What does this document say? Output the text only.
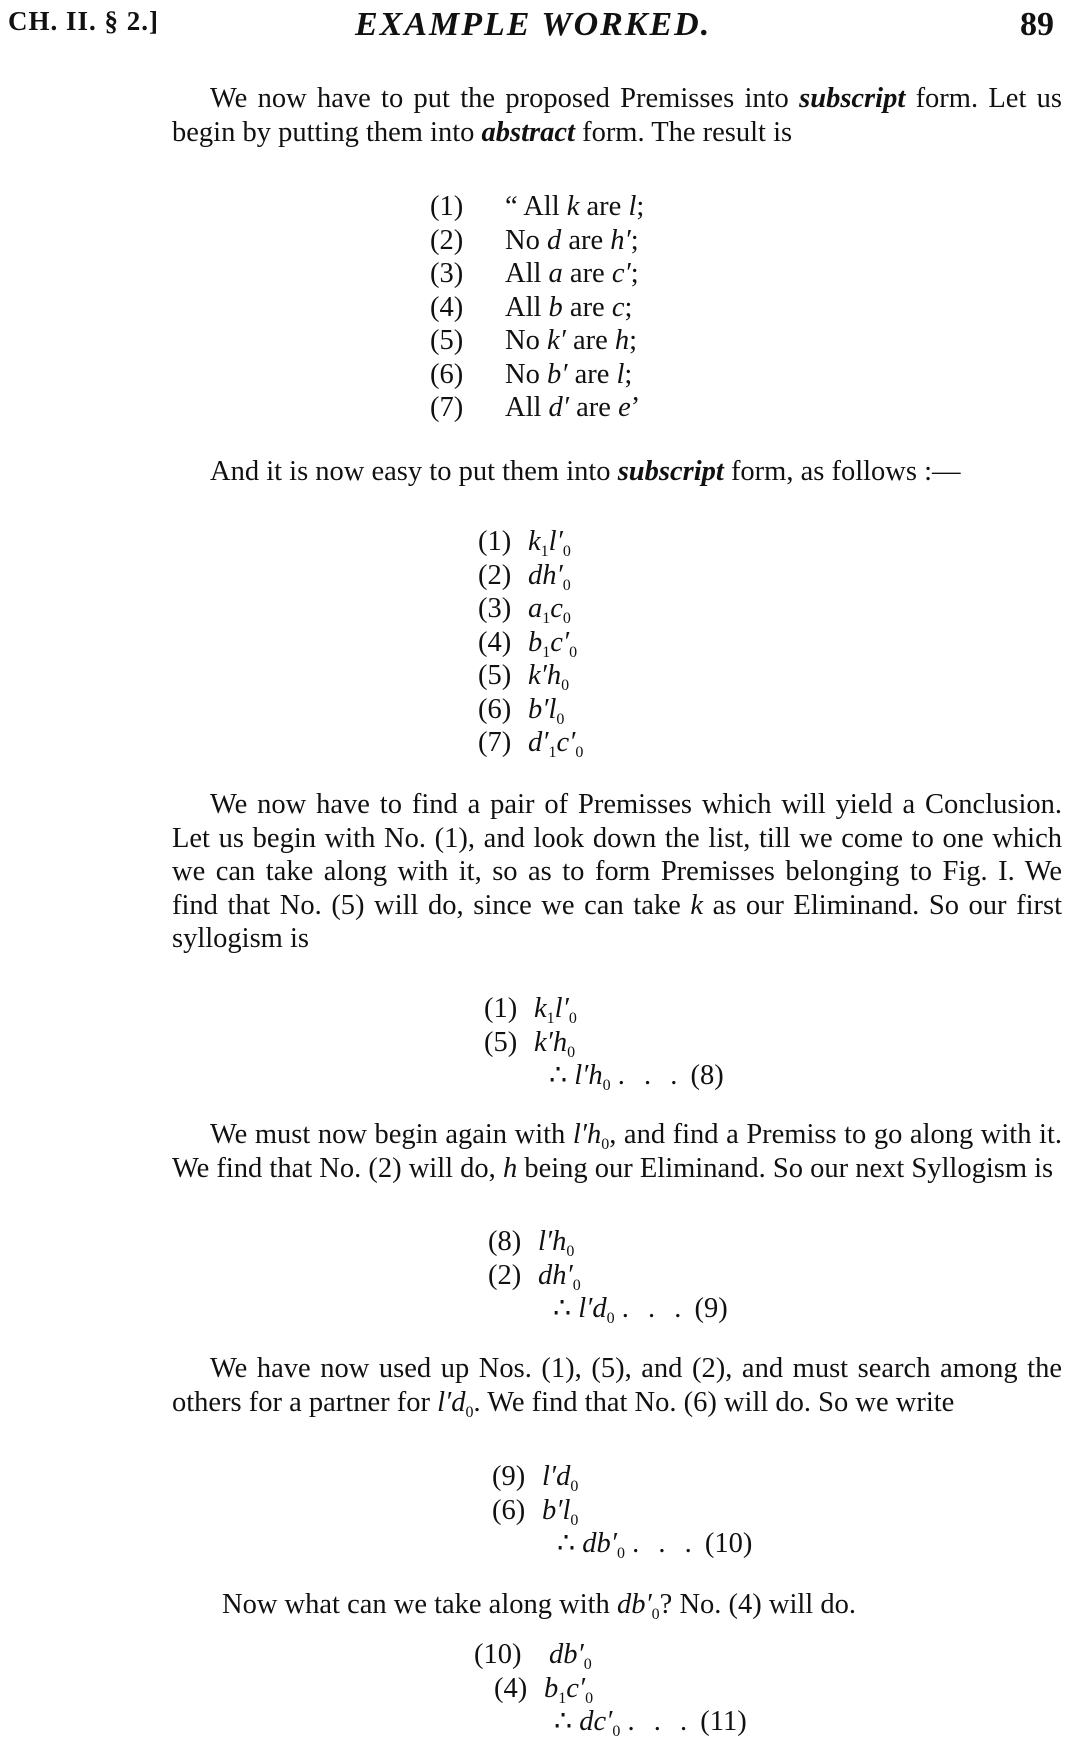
CH. II. § 2.]	EXAMPLE WORKED.	89
We now have to put the proposed Premisses into subscript form. Let us begin by putting them into abstract form. The result is
(1) “ All k are l;
(2) No d are h′;
(3) All a are c′;
(4) All b are c;
(5) No k′ are h;
(6) No b′ are l;
(7) All d′ are e’
And it is now easy to put them into subscript form, as follows :—
(1) $k_1l'_0$
(2) $dh'_0$
(3) $a_1c_0$
(4) $b_1c'_0$
(5) $k'h_0$
(6) $b'l_0$
(7) $d'_1c'_0$
We now have to find a pair of Premisses which will yield a Conclusion. Let us begin with No. (1), and look down the list, till we come to one which we can take along with it, so as to form Premisses belonging to Fig. I. We find that No. (5) will do, since we can take k as our Eliminand. So our first syllogism is
(1) $k_1l'_0$
(5) $k'h_0$
∴ $l'h_0$ . . . (8)
We must now begin again with $l'h_0$, and find a Premiss to go along with it. We find that No. (2) will do, h being our Eliminand. So our next Syllogism is
(8) $l'h_0$
(2) $dh'_0$
∴ $l'd_0$ . . . (9)
We have now used up Nos. (1), (5), and (2), and must search among the others for a partner for $l'd_0$. We find that No. (6) will do. So we write
(9) $l'd_0$
(6) $b'l_0$
∴ $db'_0$ . . . (10)
Now what can we take along with $db'_0$? No. (4) will do.
(10) $db'_0$
(4) $b_1c'_0$
∴ $dc'_0$ . . . (11)
